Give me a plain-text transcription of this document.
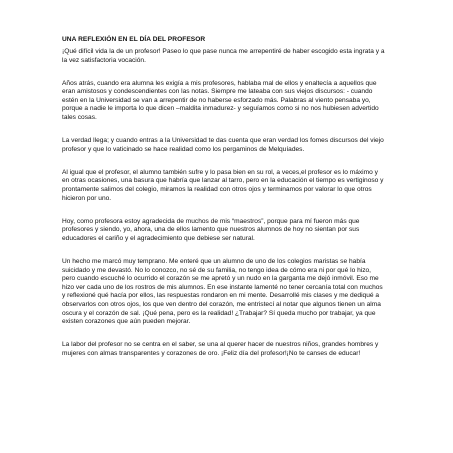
UNA REFLEXIÓN EN EL DÍA DEL PROFESOR

¡Qué difícil vida la de un profesor! Paseo lo que pase nunca me arrepentiré de haber escogido esta ingrata y a la vez satisfactoria vocación.

Años atrás, cuando era alumna les exigía a mis profesores, hablaba mal de ellos y enaltecía a aquellos que eran amistosos y condescendientes con las notas. Siempre me lateaba con sus viejos discursos: - cuando estén en la Universidad se van a arrepentir de no haberse esforzado más. Palabras al viento pensaba yo, porque a nadie le importa lo que dicen –maldita inmadurez- y seguíamos como si no nos hubiesen advertido tales cosas.

La verdad llega; y cuando entras a la Universidad te das cuenta que eran verdad los fomes discursos del viejo profesor y que lo vaticinado se hace realidad como los pergaminos de Melquíades.

Al igual que el profesor, el alumno también sufre y lo pasa bien en su rol, a veces,el profesor es lo máximo y en otras ocasiones, una basura que habría que lanzar al tarro, pero en la educación el tiempo es vertiginoso y prontamente salimos del colegio, miramos la realidad con otros ojos y terminamos por valorar lo que otros hicieron por uno.

Hoy, como profesora estoy agradecida de muchos de mis “maestros”, porque para mí fueron más que profesores y siendo, yo, ahora, una de ellos lamento que nuestros alumnos de hoy no sientan por sus educadores el cariño y el agradecimiento que debiese ser natural.

Un hecho me marcó muy temprano. Me enteré que un alumno de uno de los colegios maristas se había suicidado y me devastó. No lo conozco, no sé de su familia, no tengo idea de cómo era ni por qué lo hizo, pero cuando escuché lo ocurrido el corazón se me apretó y un nudo en la garganta me dejó inmóvil. Eso me hizo ver cada uno de los rostros de mis alumnos. En ese instante lamenté no tener cercanía total con muchos y reflexioné qué hacía por ellos, las respuestas rondaron en mi mente. Desarrollé mis clases y me dediqué a observarlos con otros ojos, los que ven dentro del corazón, me entristecí al notar que algunos tienen un alma oscura y el corazón de sal. ¡Qué pena, pero es la realidad! ¿Trabajar? Sí queda mucho por trabajar, ya que existen corazones que aún pueden mejorar.

La labor del profesor no se centra en el saber, se una al querer hacer de nuestros niños, grandes hombres y mujeres con almas transparentes y corazones de oro. ¡Feliz día del profesor!¡No te canses de educar!
